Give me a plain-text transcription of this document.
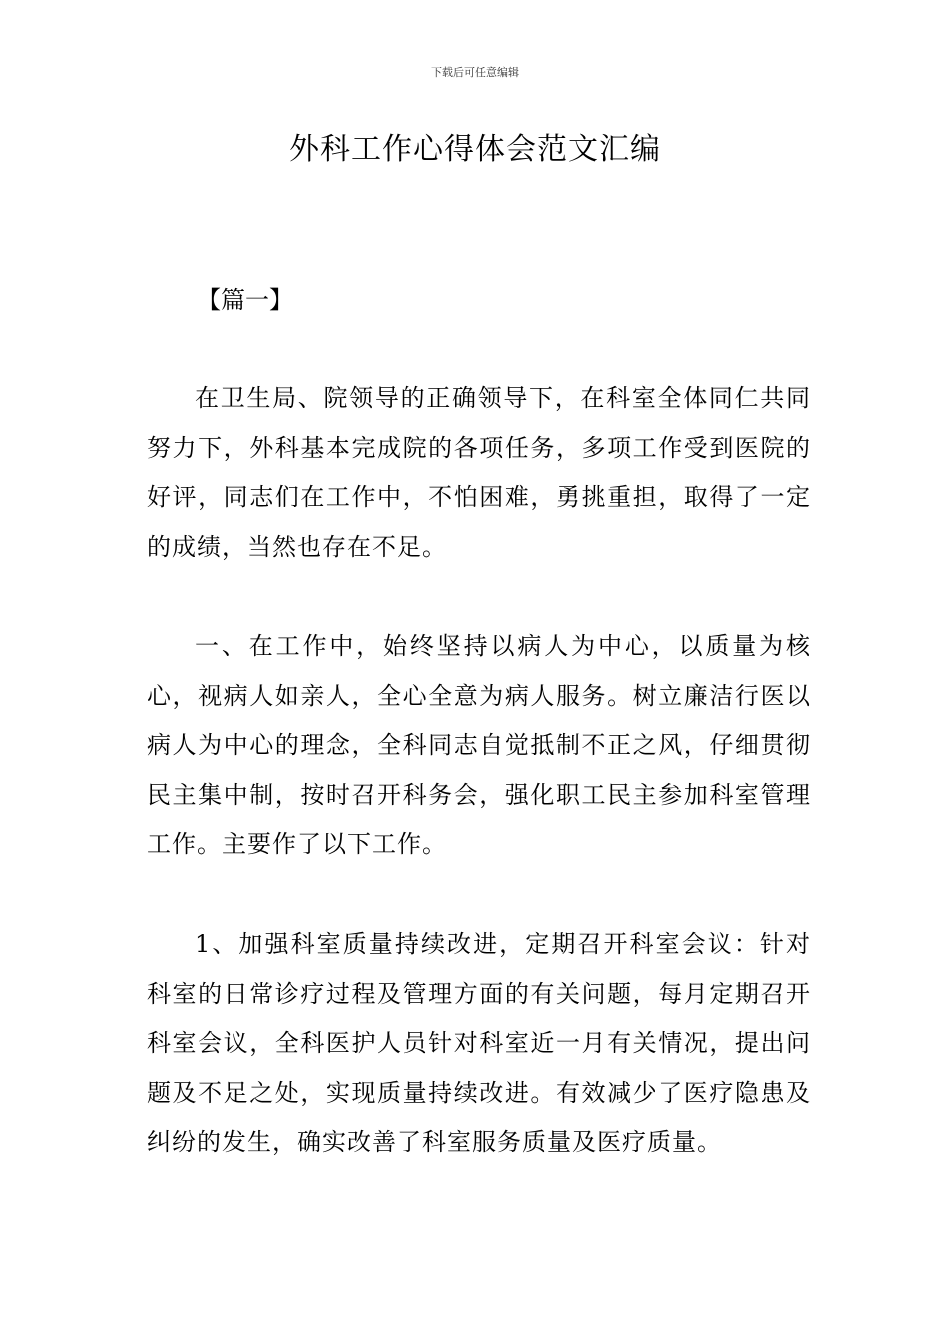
下载后可任意编辑
外科工作心得体会范文汇编
【篇一】

在卫生局、院领导的正确领导下，在科室全体同仁共同努力下，外科基本完成院的各项任务，多项工作受到医院的好评，同志们在工作中，不怕困难，勇挑重担，取得了一定的成绩，当然也存在不足。

一、在工作中，始终坚持以病人为中心，以质量为核心，视病人如亲人，全心全意为病人服务。树立廉洁行医以病人为中心的理念，全科同志自觉抵制不正之风，仔细贯彻民主集中制，按时召开科务会，强化职工民主参加科室管理工作。主要作了以下工作。

1、加强科室质量持续改进，定期召开科室会议：针对科室的日常诊疗过程及管理方面的有关问题，每月定期召开科室会议，全科医护人员针对科室近一月有关情况，提出问题及不足之处，实现质量持续改进。有效减少了医疗隐患及纠纷的发生，确实改善了科室服务质量及医疗质量。
